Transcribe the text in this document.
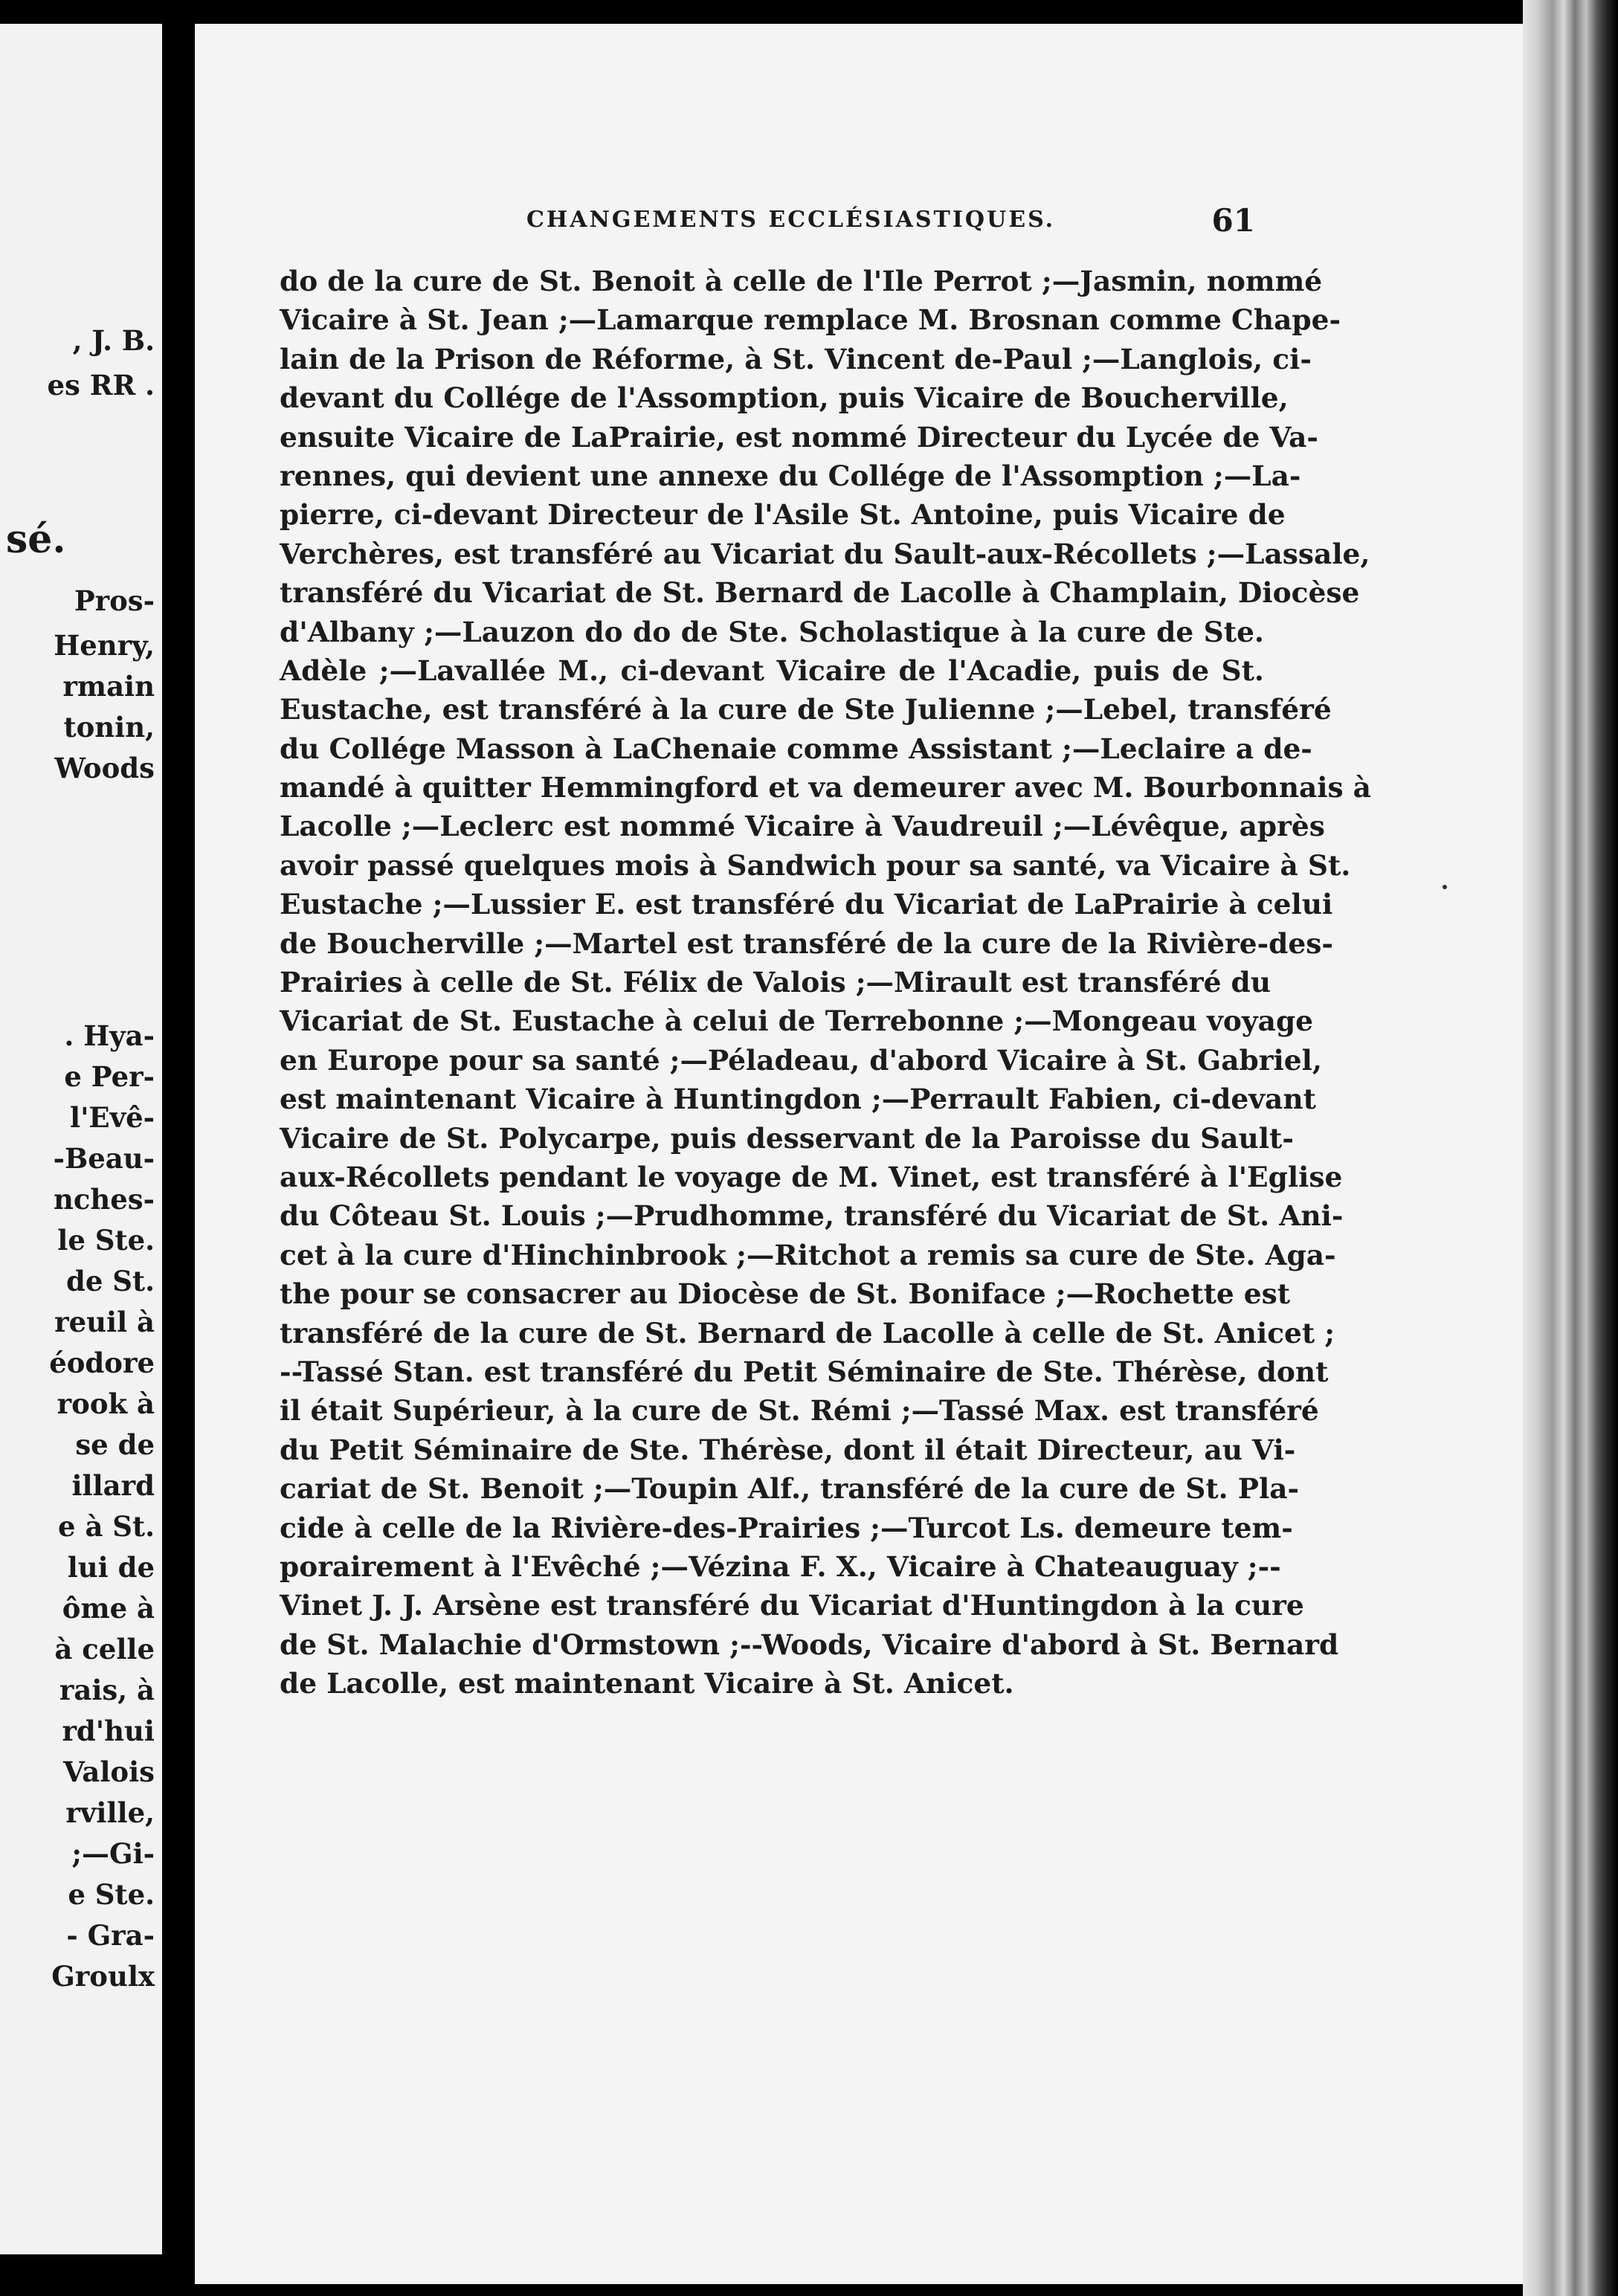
, J. B.
es RR .
sé.
Pros-
Henry,
rmain
tonin,
Woods
. Hya-
e Per-
l'Evê-
-Beau-
nches-
le Ste.
de St.
reuil à
éodore
rook à
se de
illard
e à St.
lui de
ôme à
à celle
rais, à
rd'hui
Valois
rville,
;—Gi-
e Ste.
- Gra-
Groulx
CHANGEMENTS ECCLÉSIASTIQUES.	61
do de la cure de St. Benoit à celle de l'Ile Perrot ;—Jasmin, nommé
Vicaire à St. Jean ;—Lamarque remplace M. Brosnan comme Chape-
lain de la Prison de Réforme, à St. Vincent de-Paul ;—Langlois, ci-
devant du Collége de l'Assomption, puis Vicaire de Boucherville,
ensuite Vicaire de LaPrairie, est nommé Directeur du Lycée de Va-
rennes, qui devient une annexe du Collége de l'Assomption ;—La-
pierre, ci-devant Directeur de l'Asile St. Antoine, puis Vicaire de
Verchères, est transféré au Vicariat du Sault-aux-Récollets ;—Lassale,
transféré du Vicariat de St. Bernard de Lacolle à Champlain, Diocèse
d'Albany ;—Lauzon do do de Ste. Scholastique à la cure de Ste.
Adèle ;—Lavallée M., ci-devant Vicaire de l'Acadie, puis de St.
Eustache, est transféré à la cure de Ste Julienne ;—Lebel, transféré
du Collége Masson à LaChenaie comme Assistant ;—Leclaire a de-
mandé à quitter Hemmingford et va demeurer avec M. Bourbonnais à
Lacolle ;—Leclerc est nommé Vicaire à Vaudreuil ;—Lévêque, après
avoir passé quelques mois à Sandwich pour sa santé, va Vicaire à St.
Eustache ;—Lussier E. est transféré du Vicariat de LaPrairie à celui
de Boucherville ;—Martel est transféré de la cure de la Rivière-des-
Prairies à celle de St. Félix de Valois ;—Mirault est transféré du
Vicariat de St. Eustache à celui de Terrebonne ;—Mongeau voyage
en Europe pour sa santé ;—Péladeau, d'abord Vicaire à St. Gabriel,
est maintenant Vicaire à Huntingdon ;—Perrault Fabien, ci-devant
Vicaire de St. Polycarpe, puis desservant de la Paroisse du Sault-
aux-Récollets pendant le voyage de M. Vinet, est transféré à l'Eglise
du Côteau St. Louis ;—Prudhomme, transféré du Vicariat de St. Ani-
cet à la cure d'Hinchinbrook ;—Ritchot a remis sa cure de Ste. Aga-
the pour se consacrer au Diocèse de St. Boniface ;—Rochette est
transféré de la cure de St. Bernard de Lacolle à celle de St. Anicet ;
--Tassé Stan. est transféré du Petit Séminaire de Ste. Thérèse, dont
il était Supérieur, à la cure de St. Rémi ;—Tassé Max. est transféré
du Petit Séminaire de Ste. Thérèse, dont il était Directeur, au Vi-
cariat de St. Benoit ;—Toupin Alf., transféré de la cure de St. Pla-
cide à celle de la Rivière-des-Prairies ;—Turcot Ls. demeure tem-
porairement à l'Evêché ;—Vézina F. X., Vicaire à Chateauguay ;--
Vinet J. J. Arsène est transféré du Vicariat d'Huntingdon à la cure
de St. Malachie d'Ormstown ;--Woods, Vicaire d'abord à St. Bernard
de Lacolle, est maintenant Vicaire à St. Anicet.
